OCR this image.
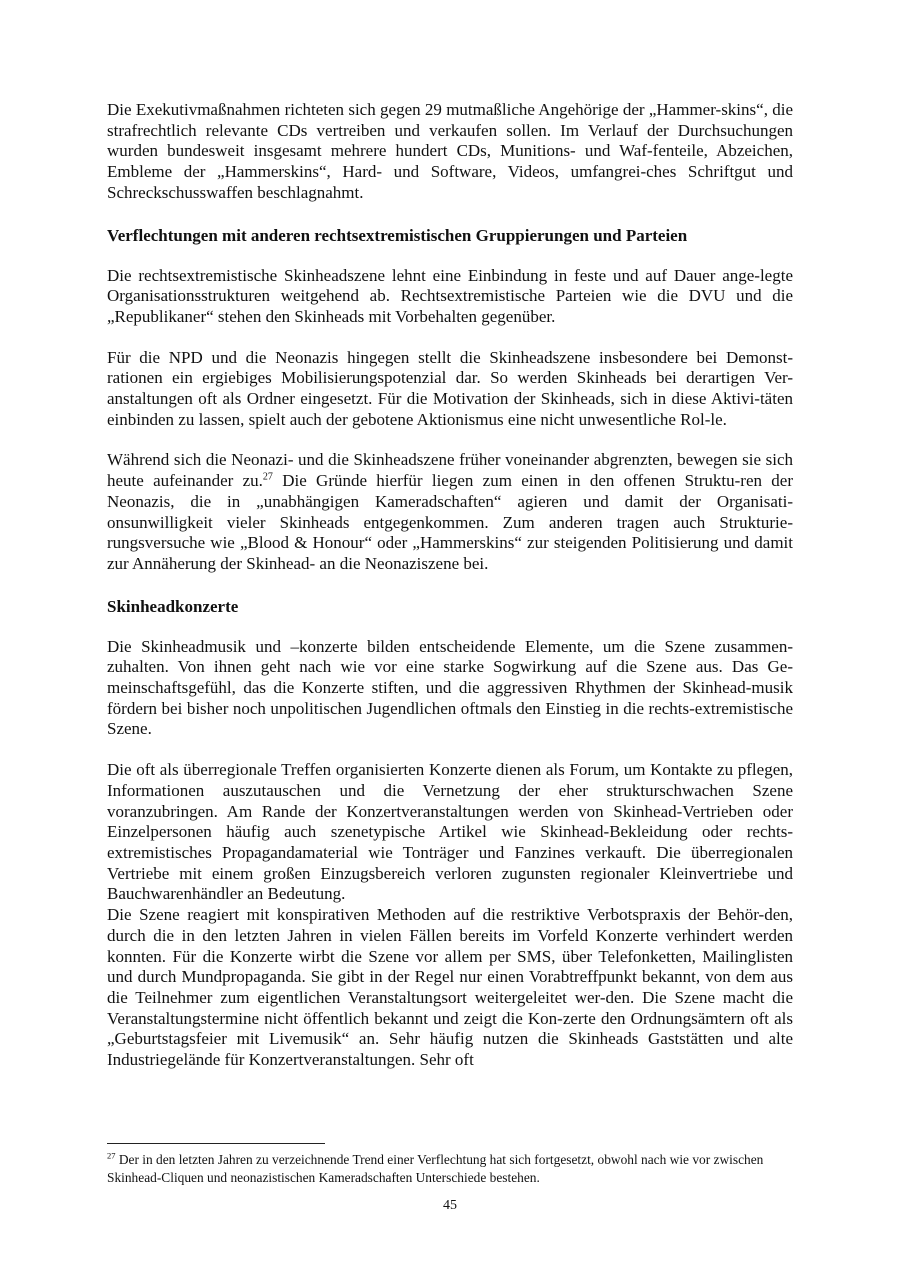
Die Exekutivmaßnahmen richteten sich gegen 29 mutmaßliche Angehörige der „Hammer-skins“, die strafrechtlich relevante CDs vertreiben und verkaufen sollen. Im Verlauf der Durchsuchungen wurden bundesweit insgesamt mehrere hundert CDs, Munitions- und Waf-fenteile, Abzeichen, Embleme der „Hammerskins“, Hard- und Software, Videos, umfangrei-ches Schriftgut und Schreckschusswaffen beschlagnahmt.

Verflechtungen mit anderen rechtsextremistischen Gruppierungen und Parteien

Die rechtsextremistische Skinheadszene lehnt eine Einbindung in feste und auf Dauer ange-legte Organisationsstrukturen weitgehend ab. Rechtsextremistische Parteien wie die DVU und die „Republikaner“ stehen den Skinheads mit Vorbehalten gegenüber.

Für die NPD und die Neonazis hingegen stellt die Skinheadszene insbesondere bei Demonst-rationen ein ergiebiges Mobilisierungspotenzial dar. So werden Skinheads bei derartigen Ver-anstaltungen oft als Ordner eingesetzt. Für die Motivation der Skinheads, sich in diese Aktivi-täten einbinden zu lassen, spielt auch der gebotene Aktionismus eine nicht unwesentliche Rol-le.

Während sich die Neonazi- und die Skinheadszene früher voneinander abgrenzten, bewegen sie sich heute aufeinander zu.$^{27}$ Die Gründe hierfür liegen zum einen in den offenen Struktu-ren der Neonazis, die in „unabhängigen Kameradschaften“ agieren und damit der Organisati-onsunwilligkeit vieler Skinheads entgegenkommen. Zum anderen tragen auch Strukturie-rungsversuche wie „Blood & Honour“ oder „Hammerskins“ zur steigenden Politisierung und damit zur Annäherung der Skinhead- an die Neonaziszene bei.

Skinheadkonzerte

Die Skinheadmusik und –konzerte bilden entscheidende Elemente, um die Szene zusammen-zuhalten. Von ihnen geht nach wie vor eine starke Sogwirkung auf die Szene aus. Das Ge-meinschaftsgefühl, das die Konzerte stiften, und die aggressiven Rhythmen der Skinhead-musik fördern bei bisher noch unpolitischen Jugendlichen oftmals den Einstieg in die rechts-extremistische Szene.

Die oft als überregionale Treffen organisierten Konzerte dienen als Forum, um Kontakte zu pflegen, Informationen auszutauschen und die Vernetzung der eher strukturschwachen Szene voranzubringen. Am Rande der Konzertveranstaltungen werden von Skinhead-Vertrieben oder Einzelpersonen häufig auch szenetypische Artikel wie Skinhead-Bekleidung oder rechts-extremistisches Propagandamaterial wie Tonträger und Fanzines verkauft. Die überregionalen Vertriebe mit einem großen Einzugsbereich verloren zugunsten regionaler Kleinvertriebe und Bauchwarenhändler an Bedeutung.

Die Szene reagiert mit konspirativen Methoden auf die restriktive Verbotspraxis der Behör-den, durch die in den letzten Jahren in vielen Fällen bereits im Vorfeld Konzerte verhindert werden konnten. Für die Konzerte wirbt die Szene vor allem per SMS, über Telefonketten, Mailinglisten und durch Mundpropaganda. Sie gibt in der Regel nur einen Vorabtreffpunkt bekannt, von dem aus die Teilnehmer zum eigentlichen Veranstaltungsort weitergeleitet wer-den. Die Szene macht die Veranstaltungstermine nicht öffentlich bekannt und zeigt die Kon-zerte den Ordnungsämtern oft als „Geburtstagsfeier mit Livemusik“ an. Sehr häufig nutzen die Skinheads Gaststätten und alte Industriegelände für Konzertveranstaltungen. Sehr oft

$^{27}$ Der in den letzten Jahren zu verzeichnende Trend einer Verflechtung hat sich fortgesetzt, obwohl nach wie vor zwischen Skinhead-Cliquen und neonazistischen Kameradschaften Unterschiede bestehen.

45
